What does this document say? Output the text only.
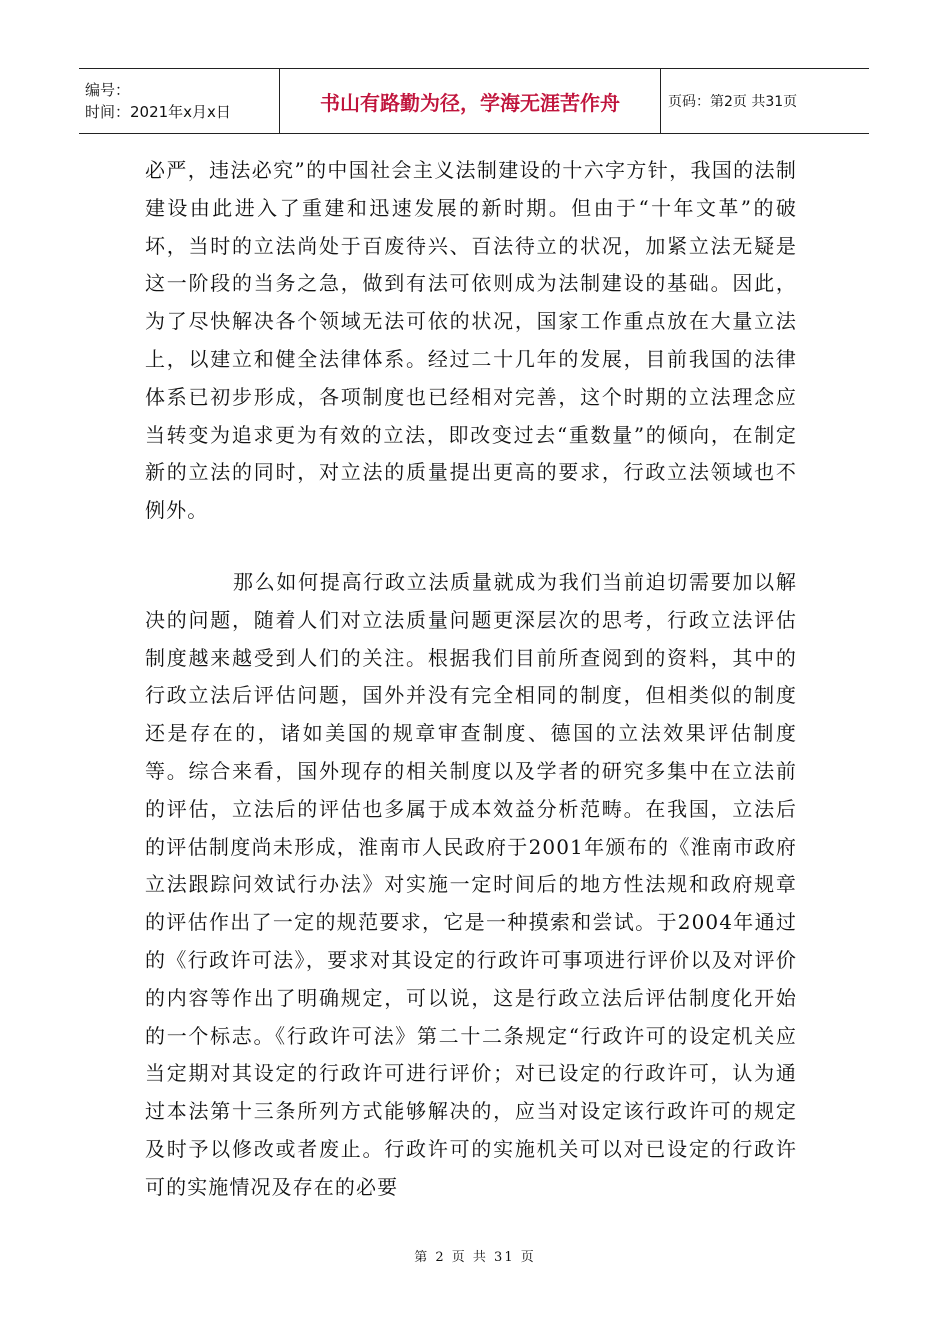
编号：
时间：2021年x月x日	书山有路勤为径，学海无涯苦作舟	页码：第2页 共31页

必严，违法必究”的中国社会主义法制建设的十六字方针，我国的法制建设由此进入了重建和迅速发展的新时期。但由于“十年文革”的破坏，当时的立法尚处于百废待兴、百法待立的状况，加紧立法无疑是这一阶段的当务之急，做到有法可依则成为法制建设的基础。因此，为了尽快解决各个领域无法可依的状况，国家工作重点放在大量立法上，以建立和健全法律体系。经过二十几年的发展，目前我国的法律体系已初步形成，各项制度也已经相对完善，这个时期的立法理念应当转变为追求更为有效的立法，即改变过去“重数量”的倾向，在制定新的立法的同时，对立法的质量提出更高的要求，行政立法领域也不例外。

那么如何提高行政立法质量就成为我们当前迫切需要加以解决的问题，随着人们对立法质量问题更深层次的思考，行政立法评估制度越来越受到人们的关注。根据我们目前所查阅到的资料，其中的行政立法后评估问题，国外并没有完全相同的制度，但相类似的制度还是存在的，诸如美国的规章审查制度、德国的立法效果评估制度等。综合来看，国外现存的相关制度以及学者的研究多集中在立法前的评估，立法后的评估也多属于成本效益分析范畴。在我国，立法后的评估制度尚未形成，淮南市人民政府于2001年颁布的《淮南市政府立法跟踪问效试行办法》对实施一定时间后的地方性法规和政府规章的评估作出了一定的规范要求，它是一种摸索和尝试。于2004年通过的《行政许可法》，要求对其设定的行政许可事项进行评价以及对评价的内容等作出了明确规定，可以说，这是行政立法后评估制度化开始的一个标志。《行政许可法》第二十二条规定“行政许可的设定机关应当定期对其设定的行政许可进行评价；对已设定的行政许可，认为通过本法第十三条所列方式能够解决的，应当对设定该行政许可的规定及时予以修改或者废止。行政许可的实施机关可以对已设定的行政许可的实施情况及存在的必要

第 2 页 共 31 页
